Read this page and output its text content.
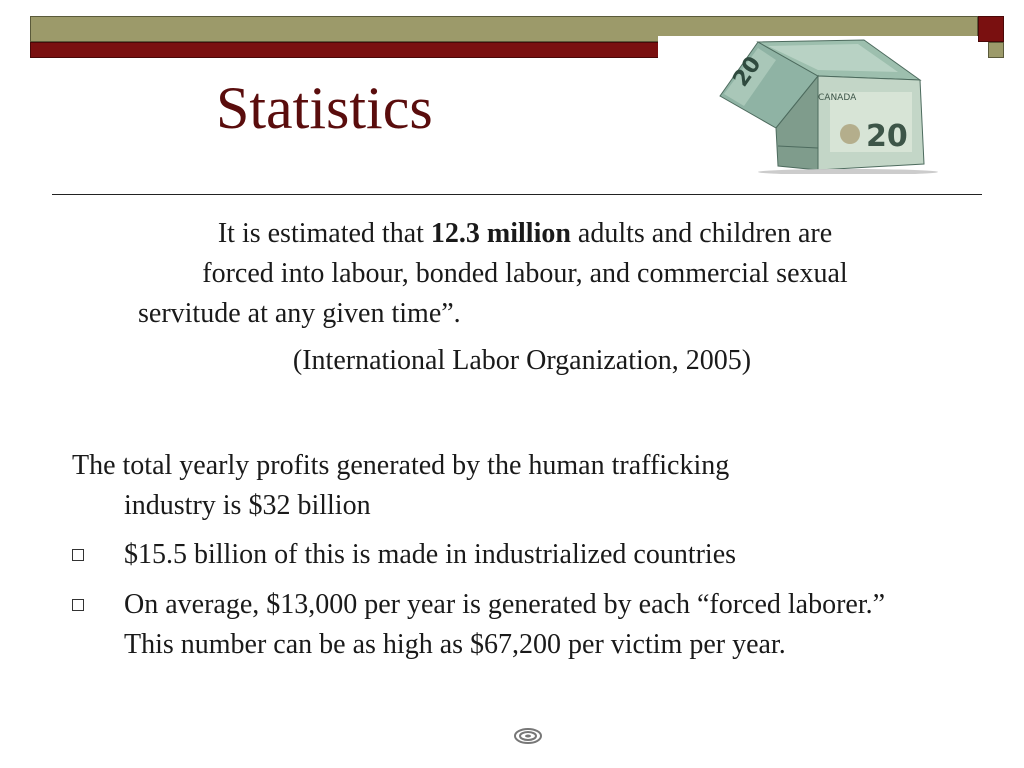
20
CANADA
20
Statistics
It is estimated that 12.3 million adults and children are
forced into labour, bonded labour, and commercial sexual
servitude at any given time”.
(International Labor Organization, 2005)
The total yearly profits generated by the human trafficking
industry is $32 billion
$15.5 billion of this is made in industrialized countries
On average, $13,000 per year is generated by each “forced laborer.” This number can be as high as $67,200 per victim per year.
